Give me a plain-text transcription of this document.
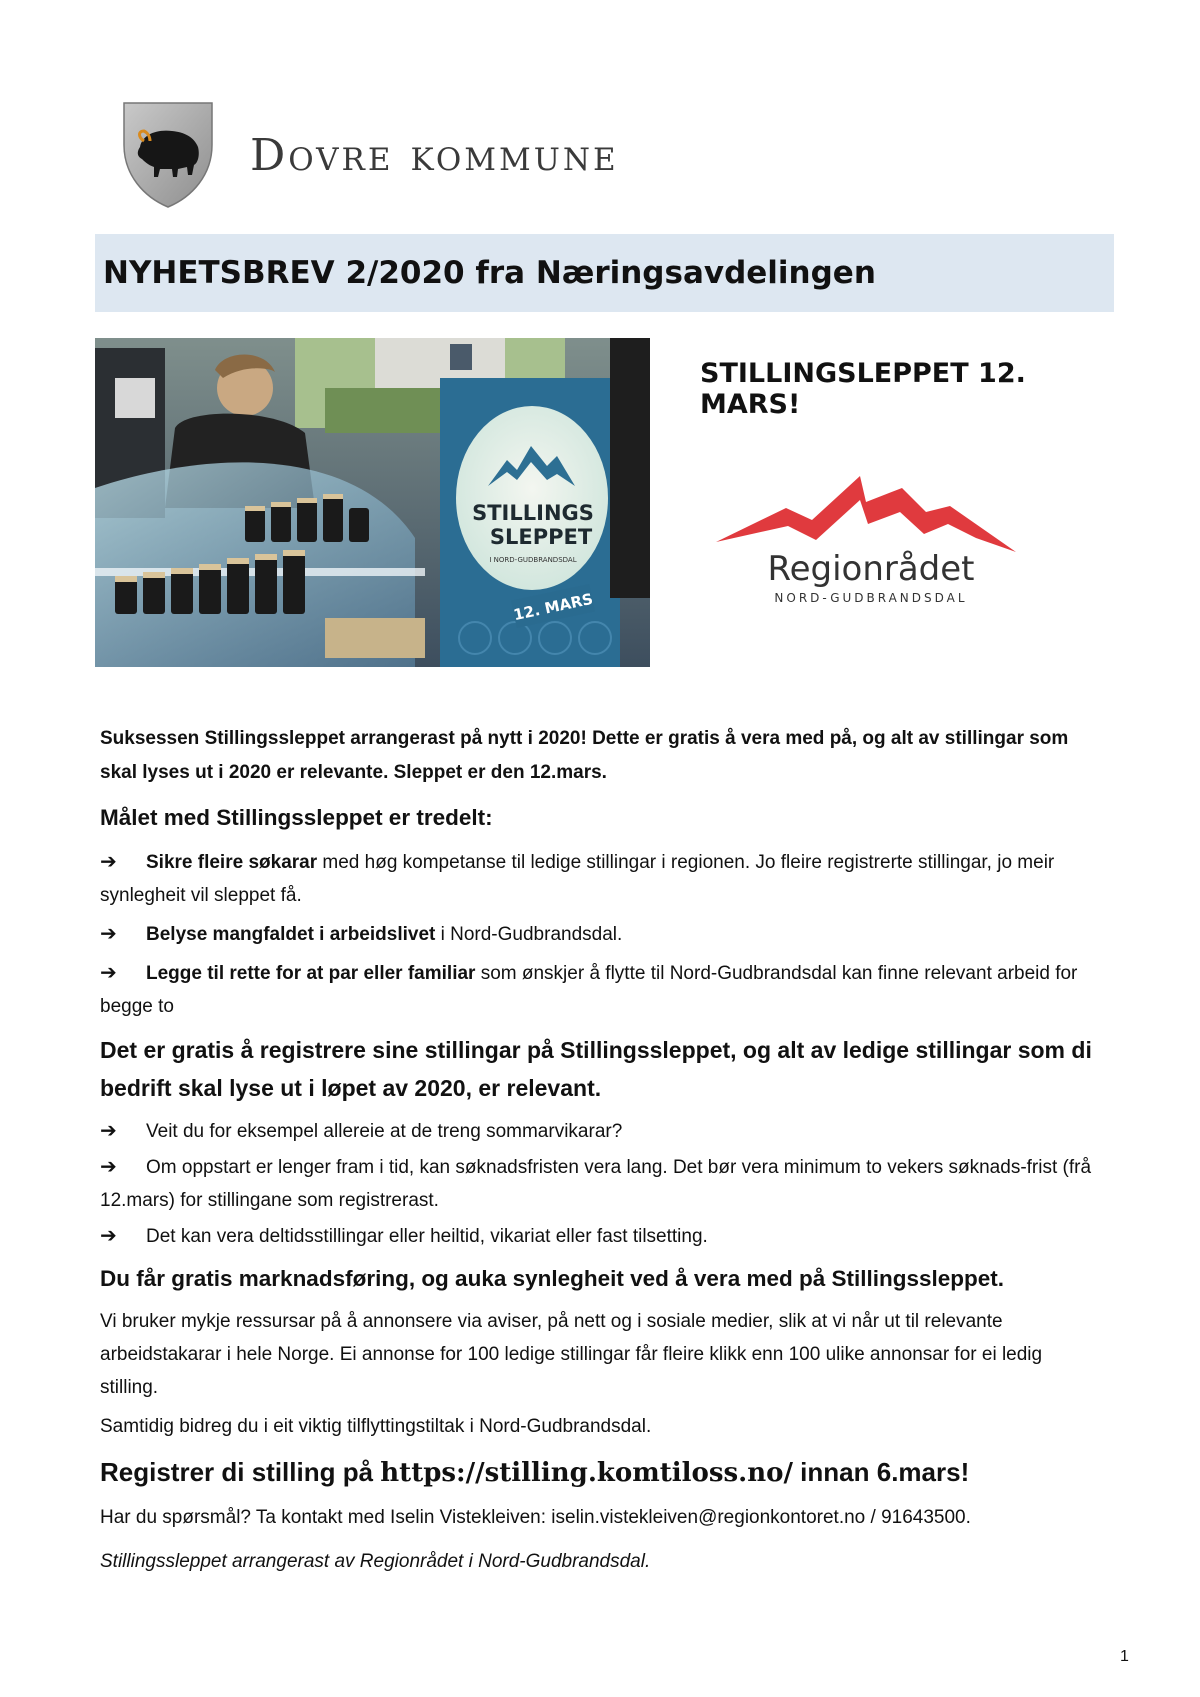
Dovre kommune
NYHETSBREV 2/2020 fra Næringsavdelingen
STILLINGS
SLEPPET
I NORD-GUDBRANDSDAL
12. MARS
STILLINGSLEPPET 12. MARS!
Regionrådet
NORD-GUDBRANDSDAL

Suksessen Stillingssleppet arrangerast på nytt i 2020! Dette er gratis å vera med på, og alt av stillingar som skal lyses ut i 2020 er relevante. Sleppet er den 12.mars.

Målet med Stillingssleppet er tredelt:

➔ Sikre fleire søkarar med høg kompetanse til ledige stillingar i regionen. Jo fleire registrerte stillingar, jo meir synlegheit vil sleppet få.

➔ Belyse mangfaldet i arbeidslivet i Nord-Gudbrandsdal.

➔ Legge til rette for at par eller familiar som ønskjer å flytte til Nord-Gudbrandsdal kan finne relevant arbeid for begge to

Det er gratis å registrere sine stillingar på Stillingssleppet, og alt av ledige stillingar som di bedrift skal lyse ut i løpet av 2020, er relevant.

➔ Veit du for eksempel allereie at de treng sommarvikarar?

➔ Om oppstart er lenger fram i tid, kan søknadsfristen vera lang. Det bør vera minimum to vekers søknads-frist (frå 12.mars) for stillingane som registrerast.

➔ Det kan vera deltidsstillingar eller heiltid, vikariat eller fast tilsetting.

Du får gratis marknadsføring, og auka synlegheit ved å vera med på Stillingssleppet.

Vi bruker mykje ressursar på å annonsere via aviser, på nett og i sosiale medier, slik at vi når ut til relevante arbeidstakarar i hele Norge. Ei annonse for 100 ledige stillingar får fleire klikk enn 100 ulike annonsar for ei ledig stilling.

Samtidig bidreg du i eit viktig tilflyttingstiltak i Nord-Gudbrandsdal.

Registrer di stilling på https://stilling.komtiloss.no/ innan 6.mars!

Har du spørsmål? Ta kontakt med Iselin Vistekleiven: iselin.vistekleiven@regionkontoret.no / 91643500.

Stillingssleppet arrangerast av Regionrådet i Nord-Gudbrandsdal.

1
